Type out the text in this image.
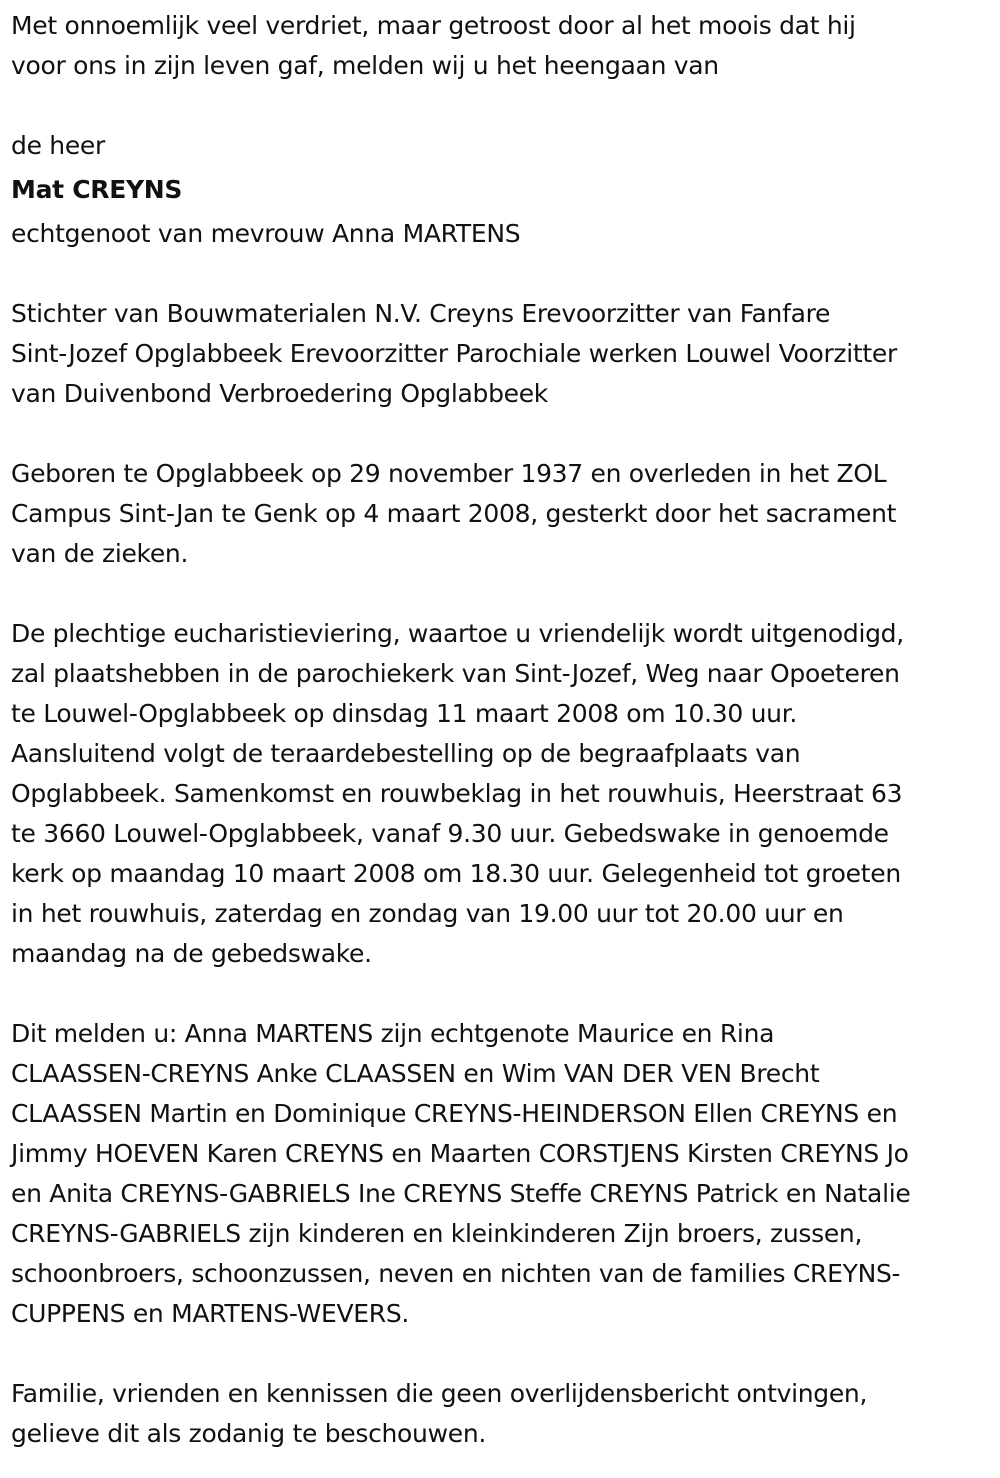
Met onnoemlijk veel verdriet, maar getroost door al het moois dat hij
voor ons in zijn leven gaf, melden wij u het heengaan van

de heer

Mat CREYNS

echtgenoot van mevrouw Anna MARTENS

Stichter van Bouwmaterialen N.V. Creyns Erevoorzitter van Fanfare
Sint-Jozef Opglabbeek Erevoorzitter Parochiale werken Louwel Voorzitter
van Duivenbond Verbroedering Opglabbeek

Geboren te Opglabbeek op 29 november 1937 en overleden in het ZOL
Campus Sint-Jan te Genk op 4 maart 2008, gesterkt door het sacrament
van de zieken.

De plechtige eucharistieviering, waartoe u vriendelijk wordt uitgenodigd,
zal plaatshebben in de parochiekerk van Sint-Jozef, Weg naar Opoeteren
te Louwel-Opglabbeek op dinsdag 11 maart 2008 om 10.30 uur.
Aansluitend volgt de teraardebestelling op de begraafplaats van
Opglabbeek. Samenkomst en rouwbeklag in het rouwhuis, Heerstraat 63
te 3660 Louwel-Opglabbeek, vanaf 9.30 uur. Gebedswake in genoemde
kerk op maandag 10 maart 2008 om 18.30 uur. Gelegenheid tot groeten
in het rouwhuis, zaterdag en zondag van 19.00 uur tot 20.00 uur en
maandag na de gebedswake.

Dit melden u: Anna MARTENS zijn echtgenote Maurice en Rina
CLAASSEN-CREYNS Anke CLAASSEN en Wim VAN DER VEN Brecht
CLAASSEN Martin en Dominique CREYNS-HEINDERSON Ellen CREYNS en
Jimmy HOEVEN Karen CREYNS en Maarten CORSTJENS Kirsten CREYNS Jo
en Anita CREYNS-GABRIELS Ine CREYNS Steffe CREYNS Patrick en Natalie
CREYNS-GABRIELS zijn kinderen en kleinkinderen Zijn broers, zussen,
schoonbroers, schoonzussen, neven en nichten van de families CREYNS-
CUPPENS en MARTENS-WEVERS.

Familie, vrienden en kennissen die geen overlijdensbericht ontvingen,
gelieve dit als zodanig te beschouwen.
